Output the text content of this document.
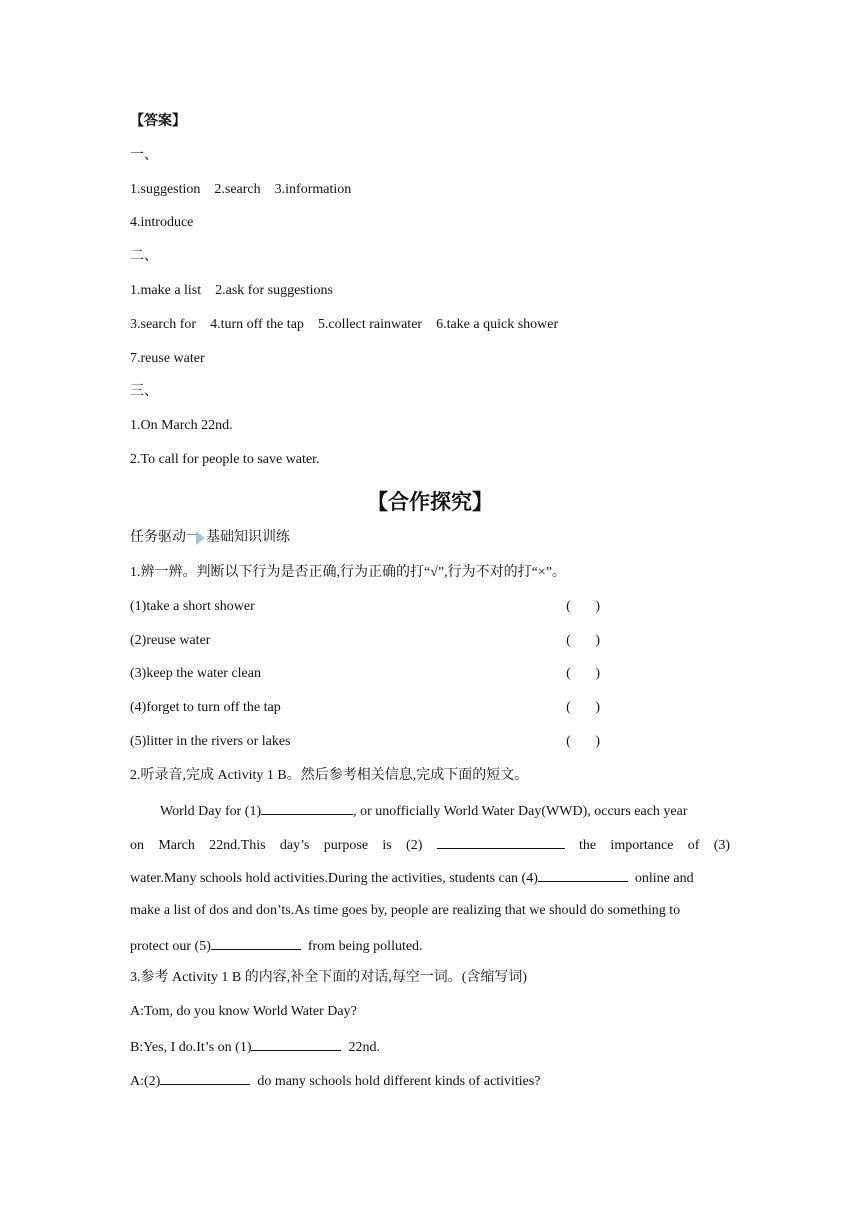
【答案】
一、
1.suggestion    2.search    3.information
4.introduce
二、
1.make a list    2.ask for suggestions
3.search for    4.turn off the tap    5.collect rainwater    6.take a quick shower
7.reuse water
三、
1.On March 22nd.
2.To call for people to save water.
【合作探究】
任务驱动一 基础知识训练
1.辨一辨。判断以下行为是否正确,行为正确的打“√”,行为不对的打“×”。
(1)take a short shower	(       )
(2)reuse water	(       )
(3)keep the water clean	(       )
(4)forget to turn off the tap	(       )
(5)litter in the rivers or lakes	(       )
2.听录音,完成 Activity 1 B。然后参考相关信息,完成下面的短文。
World Day for (1)	, or unofficially World Water Day(WWD), occurs each year
on March 22nd.This day’s purpose is (2)	the importance of (3)
water.Many schools hold activities.During the activities, students can (4)	online and
make a list of dos and don’ts.As time goes by, people are realizing that we should do something to
protect our (5)	from being polluted.
3.参考 Activity 1 B 的内容,补全下面的对话,每空一词。(含缩写词)
A:Tom, do you know World Water Day?
B:Yes, I do.It’s on (1)	22nd.
A:(2)	do many schools hold different kinds of activities?
